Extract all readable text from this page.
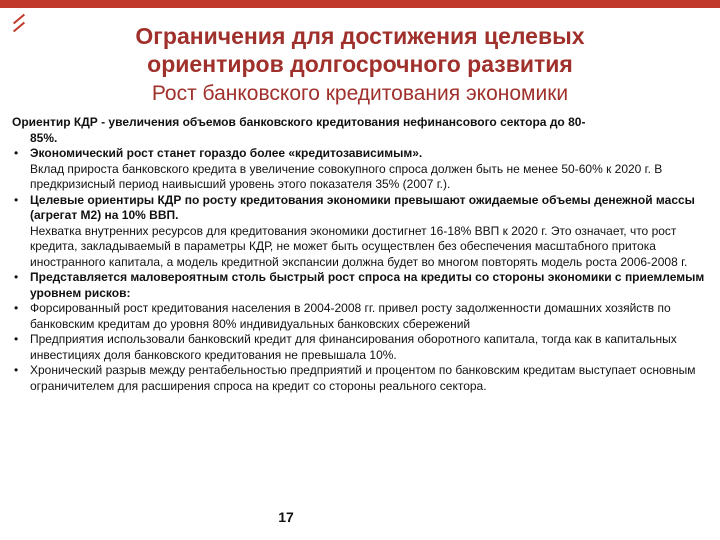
Ограничения для достижения целевых
ориентиров долгосрочного развития
Рост банковского кредитования экономики

Ориентир КДР - увеличения объемов банковского кредитования нефинансового сектора до 80-
85%.

• Экономический рост станет гораздо более «кредитозависимым».
Вклад прироста банковского кредита в увеличение совокупного спроса должен быть не менее 50-60% к 2020 г. В предкризисный период наивысший уровень этого показателя 35% (2007 г.).
• Целевые ориентиры КДР по росту кредитования экономики превышают ожидаемые объемы денежной массы (агрегат М2) на 10% ВВП.
Нехватка внутренних ресурсов для кредитования экономики достигнет 16-18% ВВП к 2020 г. Это означает, что рост кредита, закладываемый в параметры КДР, не может быть осуществлен без обеспечения масштабного притока иностранного капитала, а модель кредитной экспансии должна будет во многом повторять модель роста 2006-2008 г.
• Представляется маловероятным столь быстрый рост спроса на кредиты со стороны экономики с приемлемым уровнем рисков:
• Форсированный рост кредитования населения в 2004-2008 гг. привел росту задолженности домашних хозяйств по банковским кредитам до уровня 80% индивидуальных банковских сбережений
• Предприятия использовали банковский кредит для финансирования оборотного капитала, тогда как в капитальных инвестициях доля банковского кредитования не превышала 10%.
• Хронический разрыв между рентабельностью предприятий и процентом по банковским кредитам выступает основным ограничителем для расширения спроса на кредит со стороны реального сектора.
17
